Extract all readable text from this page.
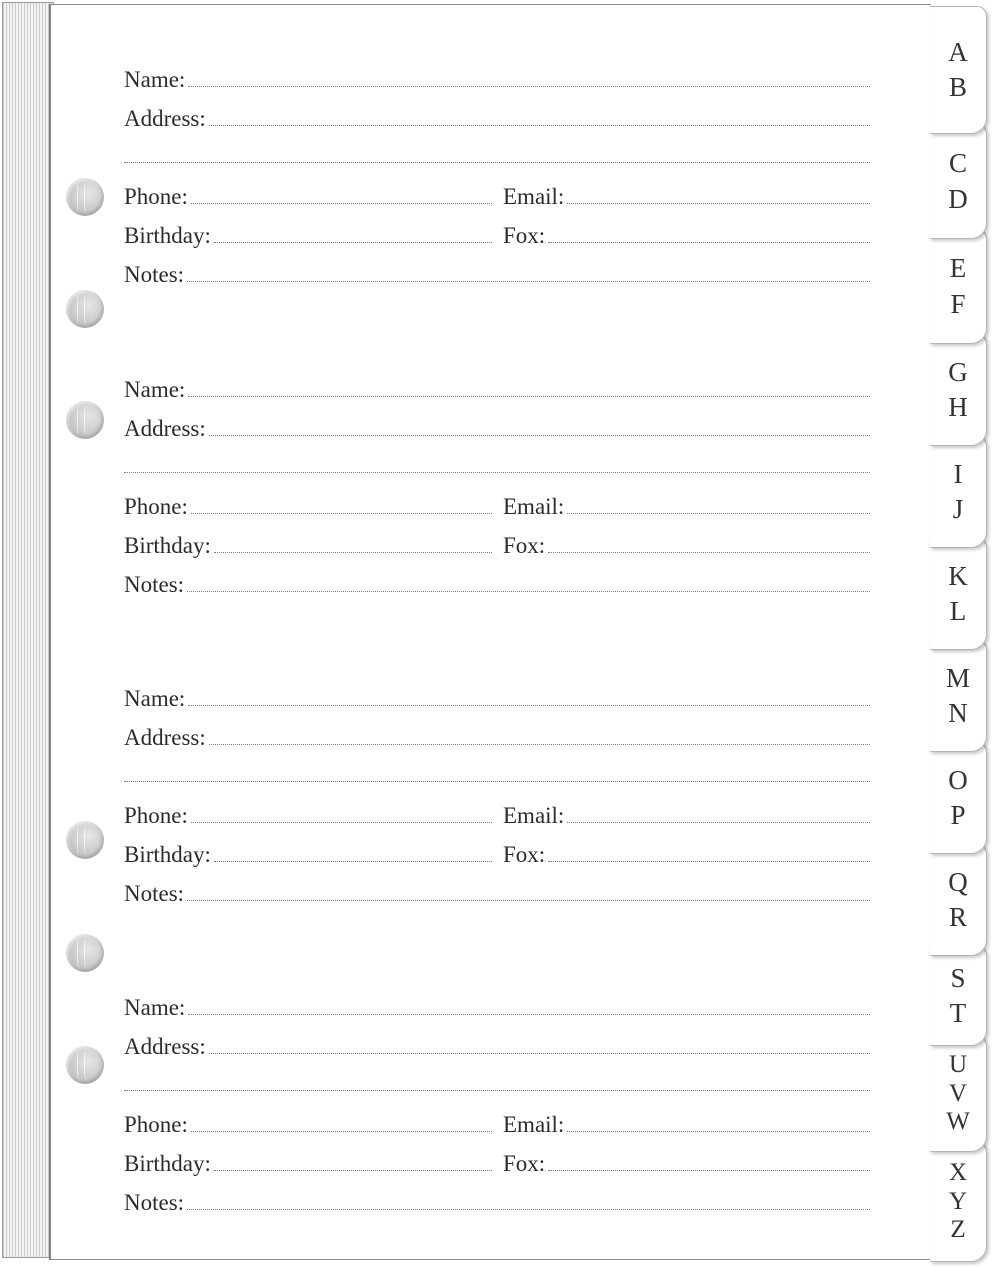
Name:
Address:
Phone:	Email:
Birthday:	Fox:
Notes:
Name:
Address:
Phone:	Email:
Birthday:	Fox:
Notes:
Name:
Address:
Phone:	Email:
Birthday:	Fox:
Notes:
Name:
Address:
Phone:	Email:
Birthday:	Fox:
Notes:
A
B
C
D
E
F
G
H
I
J
K
L
M
N
O
P
Q
R
S
T
U
V
W
X
Y
Z
